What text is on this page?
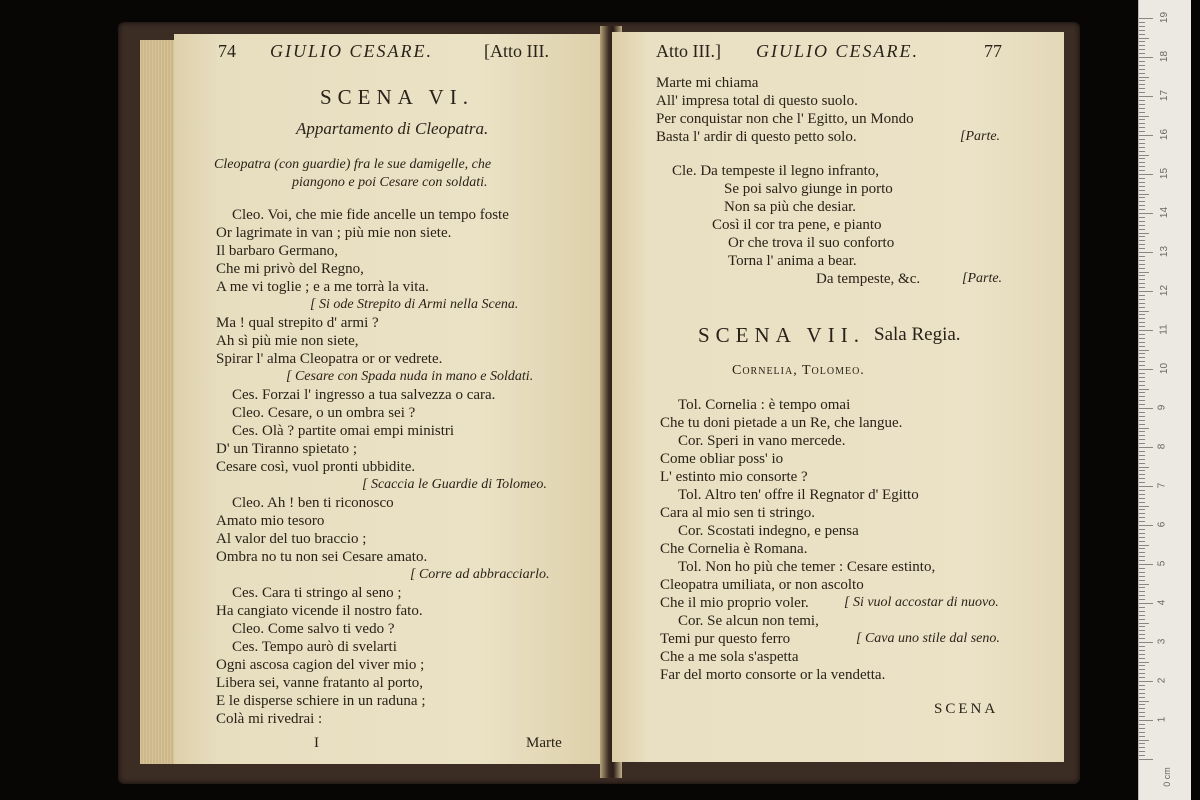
74 GIULIO CESARE.	[Atto III.
SCENA VI.
Appartamento di Cleopatra.
Cleopatra (con guardie) fra le sue damigelle, che
piangono e poi Cesare con soldati.
Cleo. Voi, che mie fide ancelle un tempo foste
Or lagrimate in van ; più mie non siete.
Il barbaro Germano,
Che mi privò del Regno,
A me vi toglie ; e a me torrà la vita.
[ Si ode Strepito di Armi nella Scena.
Ma ! qual strepito d' armi ?
Ah sì più mie non siete,
Spirar l' alma Cleopatra or or vedrete.
[ Cesare con Spada nuda in mano e Soldati.
Ces. Forzai l' ingresso a tua salvezza o cara.
Cleo. Cesare, o un ombra sei ?
Ces. Olà ? partite omai empi ministri
D' un Tiranno spietato ;
Cesare così, vuol pronti ubbidite.
[ Scaccia le Guardie di Tolomeo.
Cleo. Ah ! ben ti riconosco
Amato mio tesoro
Al valor del tuo braccio ;
Ombra no tu non sei Cesare amato.
[ Corre ad abbracciarlo.
Ces. Cara ti stringo al seno ;
Ha cangiato vicende il nostro fato.
Cleo. Come salvo ti vedo ?
Ces. Tempo aurò di svelarti
Ogni ascosa cagion del viver mio ;
Libera sei, vanne fratanto al porto,
E le disperse schiere in un raduna ;
Colà mi rivedrai :
I	Marte
Atto III.] GIULIO CESARE.	77
Marte mi chiama
All' impresa total di questo suolo.
Per conquistar non che l' Egitto, un Mondo
Basta l' ardir di questo petto solo.	[Parte.
Cle. Da tempeste il legno infranto,
Se poi salvo giunge in porto
Non sa più che desiar.
Così il cor tra pene, e pianto
Or che trova il suo conforto
Torna l' anima a bear.
Da tempeste, &c.	[Parte.
SCENA VII. Sala Regia.
Cornelia, Tolomeo.
Tol. Cornelia : è tempo omai
Che tu doni pietade a un Re, che langue.
Cor. Speri in vano mercede.
Come obliar poss' io
L' estinto mio consorte ?
Tol. Altro ten' offre il Regnator d' Egitto
Cara al mio sen ti stringo.
Cor. Scostati indegno, e pensa
Che Cornelia è Romana.
Tol. Non ho più che temer : Cesare estinto,
Cleopatra umiliata, or non ascolto
Che il mio proprio voler.	[ Si vuol accostar di nuovo.
Cor. Se alcun non temi,
Temi pur questo ferro	[ Cava uno stile dal seno.
Che a me sola s'aspetta
Far del morto consorte or la vendetta.
SCENA
0 cm
19
18
17
16
15
14
13
12
11
10
9
8
7
6
5
4
3
2
1
